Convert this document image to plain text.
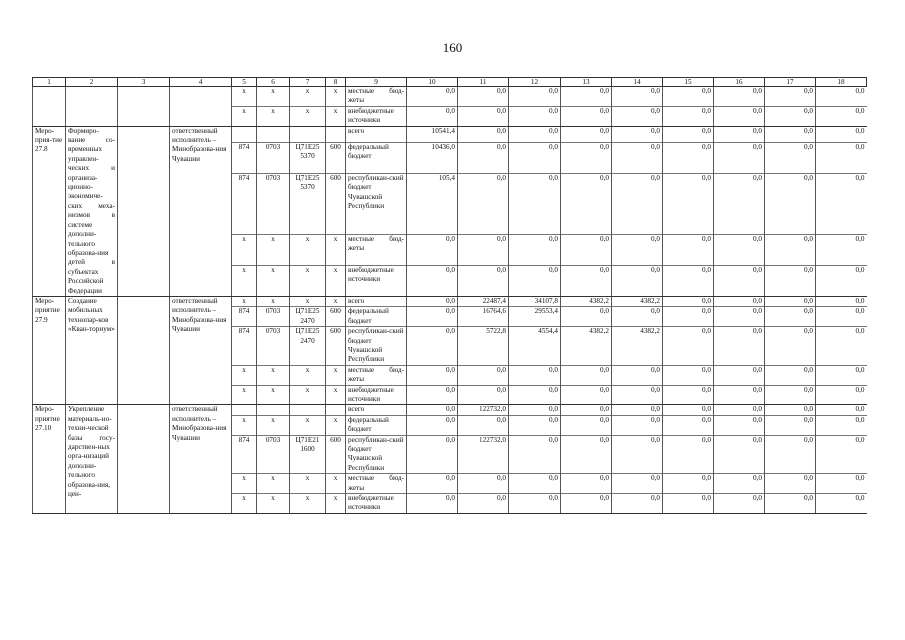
160
1	2	3	4	5	6	7	8	9	10	11	12	13	14	15	16	17	18
				х	х	х	х	местные бюд-жеты	0,0	0,0	0,0	0,0	0,0	0,0	0,0	0,0	0,0
				х	х	х	х	внебюджетные источники	0,0	0,0	0,0	0,0	0,0	0,0	0,0	0,0	0,0
Меро-прия-тие 27.8	Формиро-вание со-временных управлен-ческих и организа-ционно-экономиче-ских меха-низмов в системе дополни-тельного образова-ния детей в субъектах Российской Федерации		ответственный исполнитель – Минобразова-ния Чувашии					всего	10541,4	0,0	0,0	0,0	0,0	0,0	0,0	0,0	0,0
				874	0703	Ц71Е25 5370	600	федеральный бюджет	10436,0	0,0	0,0	0,0	0,0	0,0	0,0	0,0	0,0
				874	0703	Ц71Е25 5370	600	республикан-ский бюджет Чувашской Республики	105,4	0,0	0,0	0,0	0,0	0,0	0,0	0,0	0,0
				х	х	х	х	местные бюд-жеты	0,0	0,0	0,0	0,0	0,0	0,0	0,0	0,0	0,0
				х	х	х	х	внебюджетные источники	0,0	0,0	0,0	0,0	0,0	0,0	0,0	0,0	0,0
Меро-приятие 27.9	Создание мобильных технопар-ков «Кван-ториум»		ответственный исполнитель – Минобразова-ния Чувашии	х	х	х	х	всего	0,0	22487,4	34107,8	4382,2	4382,2	0,0	0,0	0,0	0,0
				874	0703	Ц71Е25 2470	600	федеральный бюджет	0,0	16764,6	29553,4	0,0	0,0	0,0	0,0	0,0	0,0
				874	0703	Ц71Е25 2470	600	республикан-ский бюджет Чувашской Республики	0,0	5722,8	4554,4	4382,2	4382,2	0,0	0,0	0,0	0,0
				х	х	х	х	местные бюд-жеты	0,0	0,0	0,0	0,0	0,0	0,0	0,0	0,0	0,0
				х	х	х	х	внебюджетные источники	0,0	0,0	0,0	0,0	0,0	0,0	0,0	0,0	0,0
Меро-приятие 27.10	Укрепление материаль-но-техни-ческой базы госу-дарствен-ных орга-низаций дополни-тельного образова-ния, цен-		ответственный исполнитель – Минобразова-ния Чувашии					всего	0,0	122732,0	0,0	0,0	0,0	0,0	0,0	0,0	0,0
				х	х	х	х	федеральный бюджет	0,0	0,0	0,0	0,0	0,0	0,0	0,0	0,0	0,0
				874	0703	Ц71Е21 1600	600	республикан-ский бюджет Чувашской Республики	0,0	122732,0	0,0	0,0	0,0	0,0	0,0	0,0	0,0
				х	х	х	х	местные бюд-жеты	0,0	0,0	0,0	0,0	0,0	0,0	0,0	0,0	0,0
				х	х	х	х	внебюджетные источники	0,0	0,0	0,0	0,0	0,0	0,0	0,0	0,0	0,0
